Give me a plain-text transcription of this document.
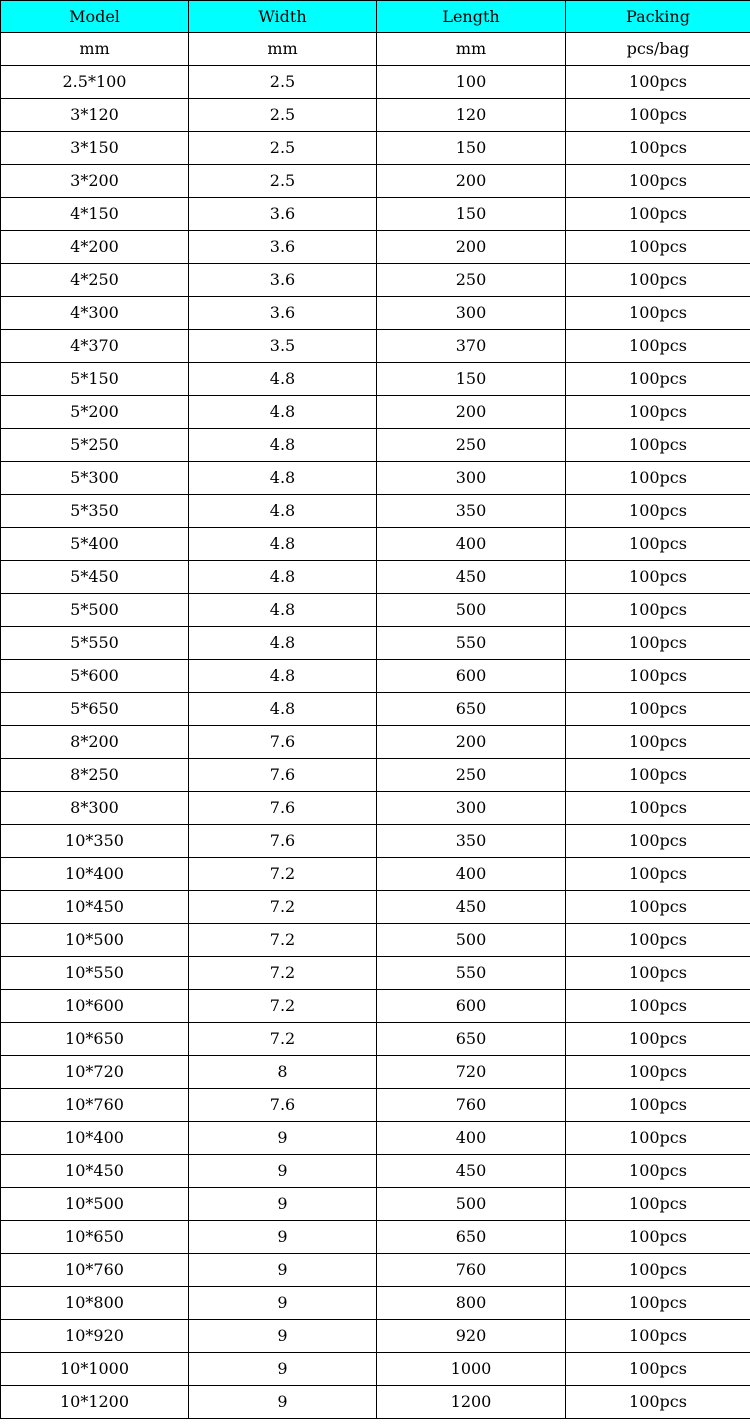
Model	Width	Length	Packing
mm	mm	mm	pcs/bag
2.5*100	2.5	100	100pcs
3*120	2.5	120	100pcs
3*150	2.5	150	100pcs
3*200	2.5	200	100pcs
4*150	3.6	150	100pcs
4*200	3.6	200	100pcs
4*250	3.6	250	100pcs
4*300	3.6	300	100pcs
4*370	3.5	370	100pcs
5*150	4.8	150	100pcs
5*200	4.8	200	100pcs
5*250	4.8	250	100pcs
5*300	4.8	300	100pcs
5*350	4.8	350	100pcs
5*400	4.8	400	100pcs
5*450	4.8	450	100pcs
5*500	4.8	500	100pcs
5*550	4.8	550	100pcs
5*600	4.8	600	100pcs
5*650	4.8	650	100pcs
8*200	7.6	200	100pcs
8*250	7.6	250	100pcs
8*300	7.6	300	100pcs
10*350	7.6	350	100pcs
10*400	7.2	400	100pcs
10*450	7.2	450	100pcs
10*500	7.2	500	100pcs
10*550	7.2	550	100pcs
10*600	7.2	600	100pcs
10*650	7.2	650	100pcs
10*720	8	720	100pcs
10*760	7.6	760	100pcs
10*400	9	400	100pcs
10*450	9	450	100pcs
10*500	9	500	100pcs
10*650	9	650	100pcs
10*760	9	760	100pcs
10*800	9	800	100pcs
10*920	9	920	100pcs
10*1000	9	1000	100pcs
10*1200	9	1200	100pcs
